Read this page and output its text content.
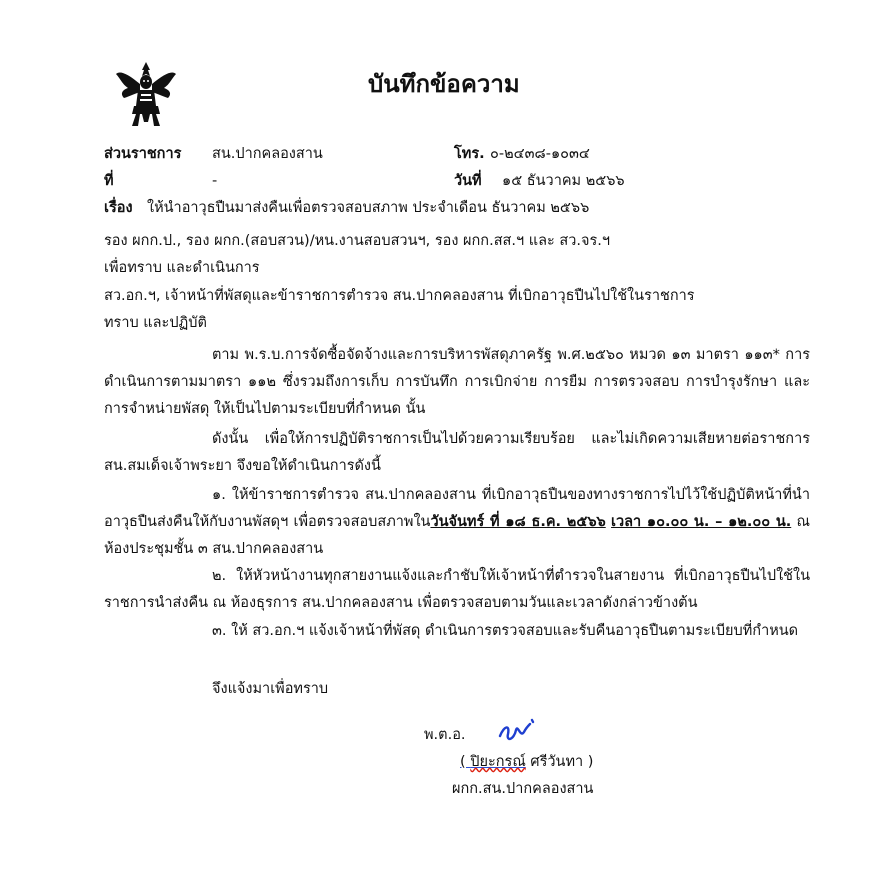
บันทึกข้อความ
ส่วนราชการ สน.ปากคลองสาน	โทร. ๐-๒๔๓๘-๑๐๓๔
ที่	-	วันที่ ๑๕ ธันวาคม ๒๕๖๖
เรื่อง ให้นำอาวุธปืนมาส่งคืนเพื่อตรวจสอบสภาพ ประจำเดือน ธันวาคม ๒๕๖๖
รอง ผกก.ป., รอง ผกก.(สอบสวน)/หน.งานสอบสวนฯ, รอง ผกก.สส.ฯ และ สว.จร.ฯ
เพื่อทราบ และดำเนินการ
สว.อก.ฯ, เจ้าหน้าที่พัสดุและข้าราชการตำรวจ สน.ปากคลองสาน ที่เบิกอาวุธปืนไปใช้ในราชการ
ทราบ และปฏิบัติ
ตาม พ.ร.บ.การจัดซื้อจัดจ้างและการบริหารพัสดุภาครัฐ พ.ศ.๒๕๖๐ หมวด ๑๓ มาตรา ๑๑๓* การดำเนินการตามมาตรา ๑๑๒ ซึ่งรวมถึงการเก็บ การบันทึก การเบิกจ่าย การยืม การตรวจสอบ การบำรุงรักษา และการจำหน่ายพัสดุ ให้เป็นไปตามระเบียบที่กำหนด นั้น
ดังนั้น เพื่อให้การปฏิบัติราชการเป็นไปด้วยความเรียบร้อย และไม่เกิดความเสียหายต่อราชการ สน.สมเด็จเจ้าพระยา จึงขอให้ดำเนินการดังนี้
๑. ให้ข้าราชการตำรวจ สน.ปากคลองสาน ที่เบิกอาวุธปืนของทางราชการไปไว้ใช้ปฏิบัติหน้าที่นำอาวุธปืนส่งคืนให้กับงานพัสดุฯ เพื่อตรวจสอบสภาพในวันจันทร์ ที่ ๑๘ ธ.ค. ๒๕๖๖ เวลา ๑๐.๐๐ น. – ๑๒.๐๐ น. ณ ห้องประชุมชั้น ๓ สน.ปากคลองสาน
๒. ให้หัวหน้างานทุกสายงานแจ้งและกำชับให้เจ้าหน้าที่ตำรวจในสายงาน ที่เบิกอาวุธปืนไปใช้ในราชการนำส่งคืน ณ ห้องธุรการ สน.ปากคลองสาน เพื่อตรวจสอบตามวันและเวลาดังกล่าวข้างต้น
๓. ให้ สว.อก.ฯ แจ้งเจ้าหน้าที่พัสดุ ดำเนินการตรวจสอบและรับคืนอาวุธปืนตามระเบียบที่กำหนด
จึงแจ้งมาเพื่อทราบ
พ.ต.อ.
( ปิยะกรณ์ ศรีวันทา )
ผกก.สน.ปากคลองสาน
